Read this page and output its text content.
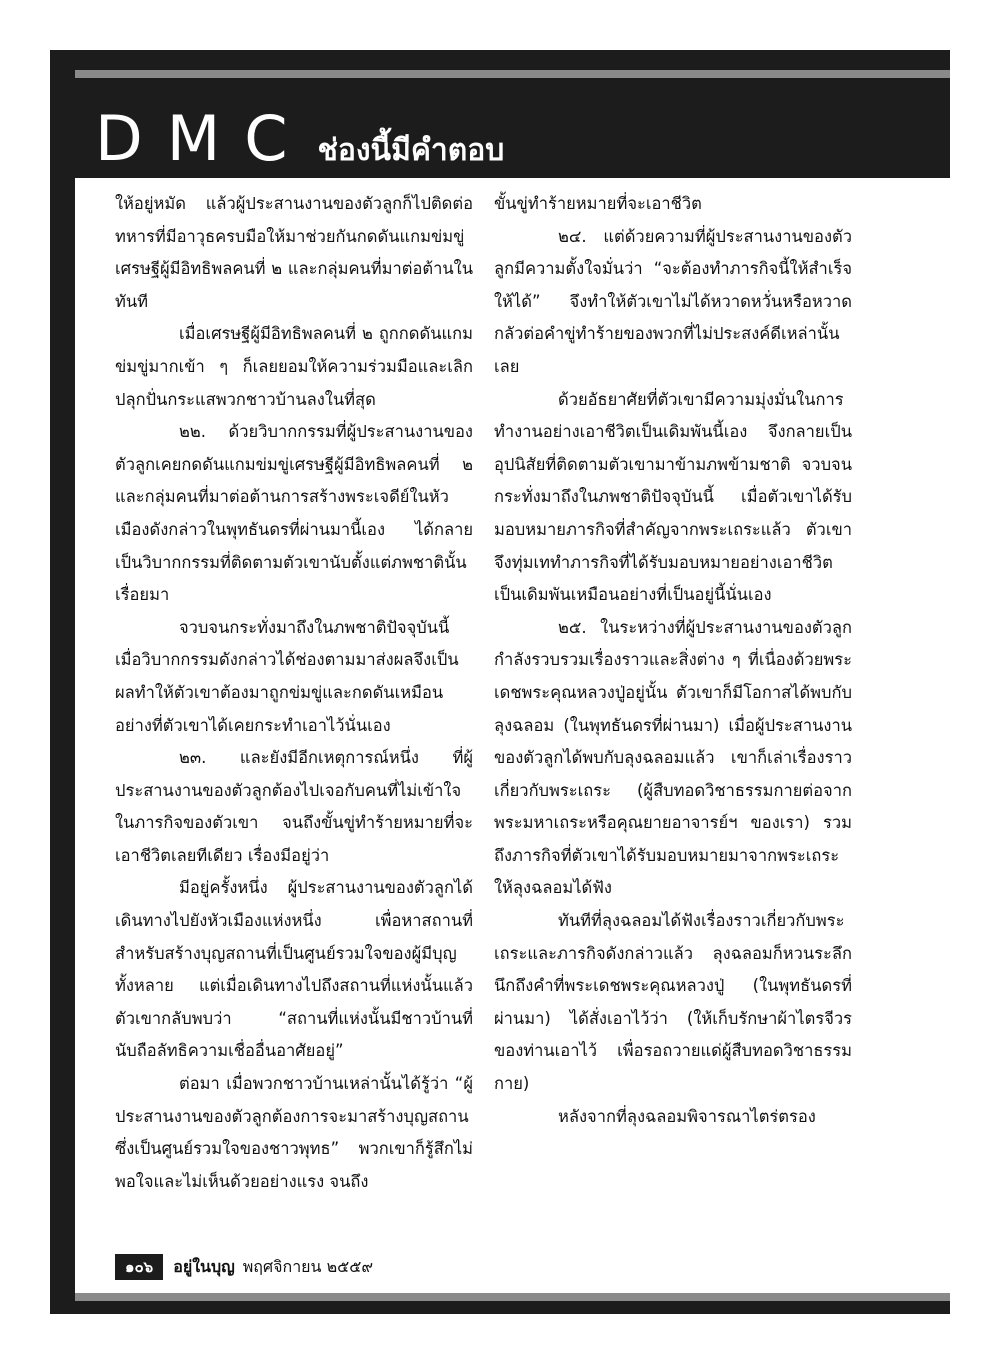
DMC ช่องนี้มีคำตอบ

ให้อยู่หมัด แล้วผู้ประสานงานของตัวลูกก็ไปติดต่อทหารที่มีอาวุธครบมือให้มาช่วยกันกดดันแกมข่มขู่เศรษฐีผู้มีอิทธิพลคนที่ ๒ และกลุ่มคนที่มาต่อต้านในทันที

เมื่อเศรษฐีผู้มีอิทธิพลคนที่ ๒ ถูกกดดันแกมข่มขู่มากเข้า ๆ ก็เลยยอมให้ความร่วมมือและเลิกปลุกปั่นกระแสพวกชาวบ้านลงในที่สุด

๒๒. ด้วยวิบากกรรมที่ผู้ประสานงานของตัวลูกเคยกดดันแกมข่มขู่เศรษฐีผู้มีอิทธิพลคนที่ ๒ และกลุ่มคนที่มาต่อต้านการสร้างพระเจดีย์ในหัวเมืองดังกล่าวในพุทธันดรที่ผ่านมานี้เอง ได้กลายเป็นวิบากกรรมที่ติดตามตัวเขานับตั้งแต่ภพชาตินั้นเรื่อยมา

จวบจนกระทั่งมาถึงในภพชาติปัจจุบันนี้ เมื่อวิบากกรรมดังกล่าวได้ช่องตามมาส่งผลจึงเป็นผลทำให้ตัวเขาต้องมาถูกข่มขู่และกดดันเหมือนอย่างที่ตัวเขาได้เคยกระทำเอาไว้นั่นเอง

๒๓. และยังมีอีกเหตุการณ์หนึ่ง ที่ผู้ประสานงานของตัวลูกต้องไปเจอกับคนที่ไม่เข้าใจในภารกิจของตัวเขา จนถึงขั้นขู่ทำร้ายหมายที่จะเอาชีวิตเลยทีเดียว เรื่องมีอยู่ว่า

มีอยู่ครั้งหนึ่ง ผู้ประสานงานของตัวลูกได้เดินทางไปยังหัวเมืองแห่งหนึ่ง เพื่อหาสถานที่สำหรับสร้างบุญสถานที่เป็นศูนย์รวมใจของผู้มีบุญทั้งหลาย แต่เมื่อเดินทางไปถึงสถานที่แห่งนั้นแล้ว ตัวเขากลับพบว่า “สถานที่แห่งนั้นมีชาวบ้านที่นับถือลัทธิความเชื่ออื่นอาศัยอยู่”

ต่อมา เมื่อพวกชาวบ้านเหล่านั้นได้รู้ว่า “ผู้ประสานงานของตัวลูกต้องการจะมาสร้างบุญสถานซึ่งเป็นศูนย์รวมใจของชาวพุทธ” พวกเขาก็รู้สึกไม่พอใจและไม่เห็นด้วยอย่างแรง จนถึง

ขั้นขู่ทำร้ายหมายที่จะเอาชีวิต

๒๔. แต่ด้วยความที่ผู้ประสานงานของตัวลูกมีความตั้งใจมั่นว่า “จะต้องทำภารกิจนี้ให้สำเร็จให้ได้” จึงทำให้ตัวเขาไม่ได้หวาดหวั่นหรือหวาดกลัวต่อคำขู่ทำร้ายของพวกที่ไม่ประสงค์ดีเหล่านั้นเลย

ด้วยอัธยาศัยที่ตัวเขามีความมุ่งมั่นในการทำงานอย่างเอาชีวิตเป็นเดิมพันนี้เอง จึงกลายเป็นอุปนิสัยที่ติดตามตัวเขามาข้ามภพข้ามชาติ จวบจนกระทั่งมาถึงในภพชาติปัจจุบันนี้ เมื่อตัวเขาได้รับมอบหมายภารกิจที่สำคัญจากพระเถระแล้ว ตัวเขาจึงทุ่มเททำภารกิจที่ได้รับมอบหมายอย่างเอาชีวิตเป็นเดิมพันเหมือนอย่างที่เป็นอยู่นี้นั่นเอง

๒๕. ในระหว่างที่ผู้ประสานงานของตัวลูกกำลังรวบรวมเรื่องราวและสิ่งต่าง ๆ ที่เนื่องด้วยพระเดชพระคุณหลวงปู่อยู่นั้น ตัวเขาก็มีโอกาสได้พบกับลุงฉลอม (ในพุทธันดรที่ผ่านมา) เมื่อผู้ประสานงานของตัวลูกได้พบกับลุงฉลอมแล้ว เขาก็เล่าเรื่องราวเกี่ยวกับพระเถระ (ผู้สืบทอดวิชาธรรมกายต่อจากพระมหาเถระหรือคุณยายอาจารย์ฯ ของเรา) รวมถึงภารกิจที่ตัวเขาได้รับมอบหมายมาจากพระเถระให้ลุงฉลอมได้ฟัง

ทันทีที่ลุงฉลอมได้ฟังเรื่องราวเกี่ยวกับพระเถระและภารกิจดังกล่าวแล้ว ลุงฉลอมก็หวนระลึกนึกถึงคำที่พระเดชพระคุณหลวงปู่ (ในพุทธันดรที่ผ่านมา) ได้สั่งเอาไว้ว่า (ให้เก็บรักษาผ้าไตรจีวรของท่านเอาไว้ เพื่อรอถวายแด่ผู้สืบทอดวิชาธรรมกาย)

หลังจากที่ลุงฉลอมพิจารณาไตร่ตรอง

๑๐๖	อยู่ในบุญ พฤศจิกายน ๒๕๕๙
